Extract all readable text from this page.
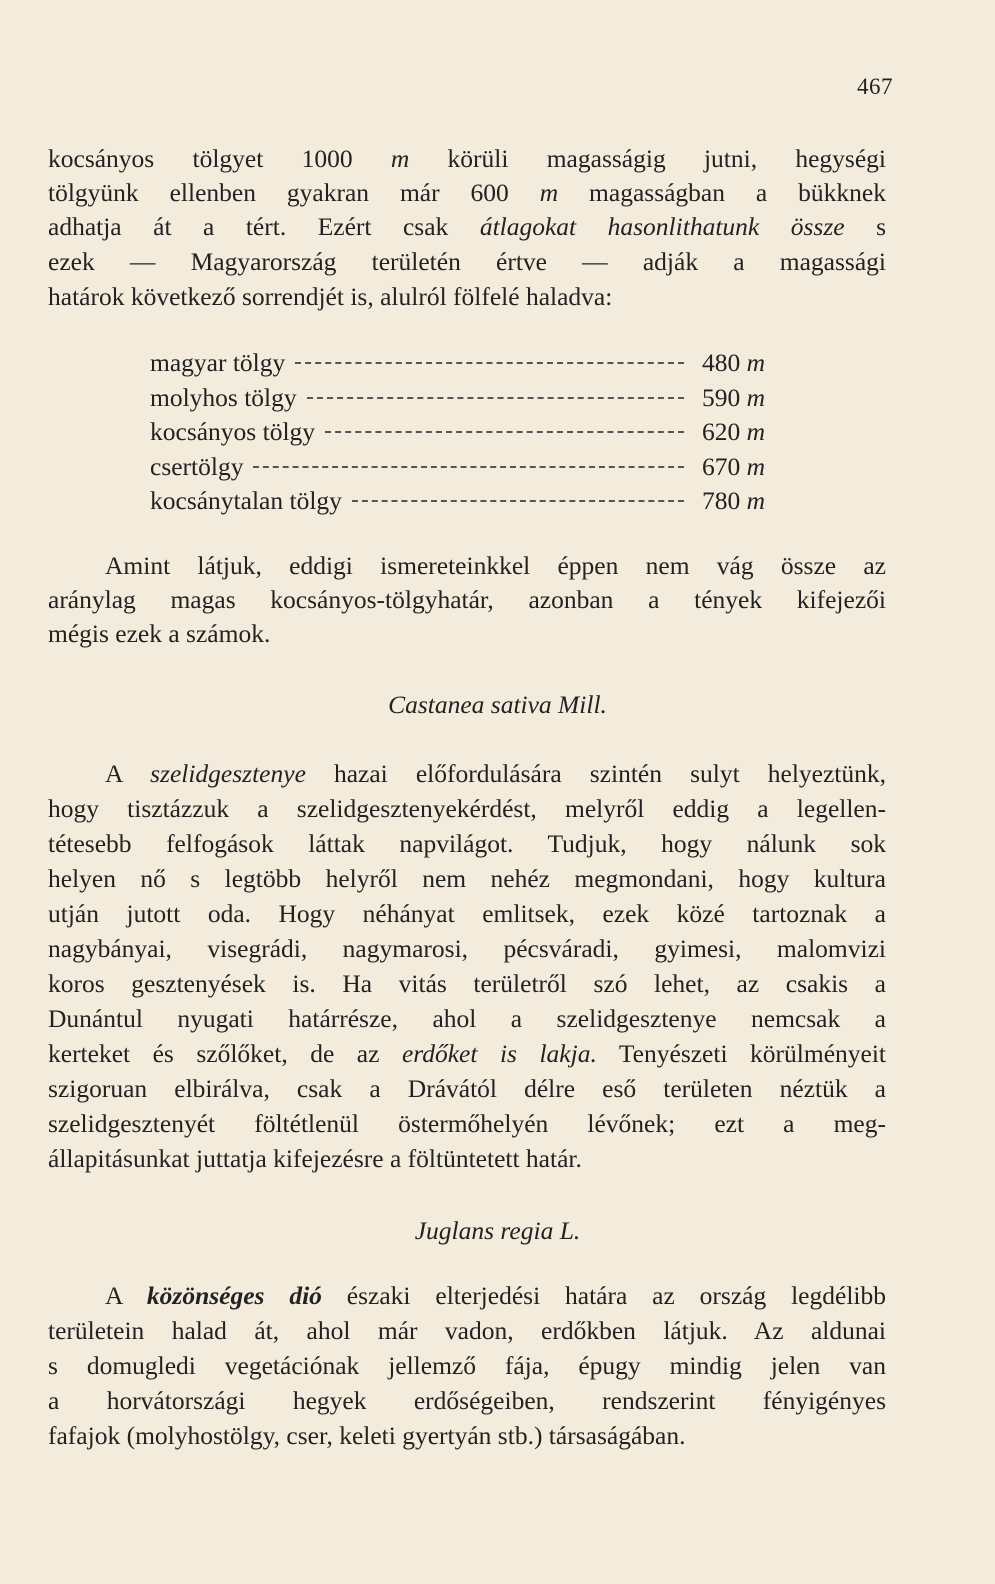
467

kocsányos tölgyet 1000 m körüli magasságig jutni, hegységi

tölgyünk ellenben gyakran már 600 m magasságban a bükknek

adhatja át a tért. Ezért csak átlagokat hasonlithatunk össze s

ezek — Magyarország területén értve — adják a magassági

határok következő sorrendjét is, alulról fölfelé haladva:

magyar tölgy	480 m
molyhos tölgy	590 m
kocsányos tölgy	620 m
csertölgy	670 m
kocsánytalan tölgy	780 m

Amint látjuk, eddigi ismereteinkkel éppen nem vág össze az

aránylag magas kocsányos-tölgyhatár, azonban a tények kifejezői

mégis ezek a számok.

Castanea sativa Mill.

A szelidgesztenye hazai előfordulására szintén sulyt helyeztünk,

hogy tisztázzuk a szelidgesztenyekérdést, melyről eddig a legellen-

tétesebb felfogások láttak napvilágot. Tudjuk, hogy nálunk sok

helyen nő s legtöbb helyről nem nehéz megmondani, hogy kultura

utján jutott oda. Hogy néhányat emlitsek, ezek közé tartoznak a

nagybányai, visegrádi, nagymarosi, pécsváradi, gyimesi, malomvizi

koros gesztenyések is. Ha vitás területről szó lehet, az csakis a

Dunántul nyugati határrésze, ahol a szelidgesztenye nemcsak a

kerteket és szőlőket, de az erdőket is lakja. Tenyészeti körülményeit

szigoruan elbirálva, csak a Drávától délre eső területen néztük a

szelidgesztenyét föltétlenül östermőhelyén lévőnek; ezt a meg-

állapitásunkat juttatja kifejezésre a föltüntetett határ.

Juglans regia L.

A közönséges dió északi elterjedési határa az ország legdélibb

területein halad át, ahol már vadon, erdőkben látjuk. Az aldunai

s domugledi vegetációnak jellemző fája, épugy mindig jelen van

a horvátországi hegyek erdőségeiben, rendszerint fényigényes

fafajok (molyhostölgy, cser, keleti gyertyán stb.) társaságában.
